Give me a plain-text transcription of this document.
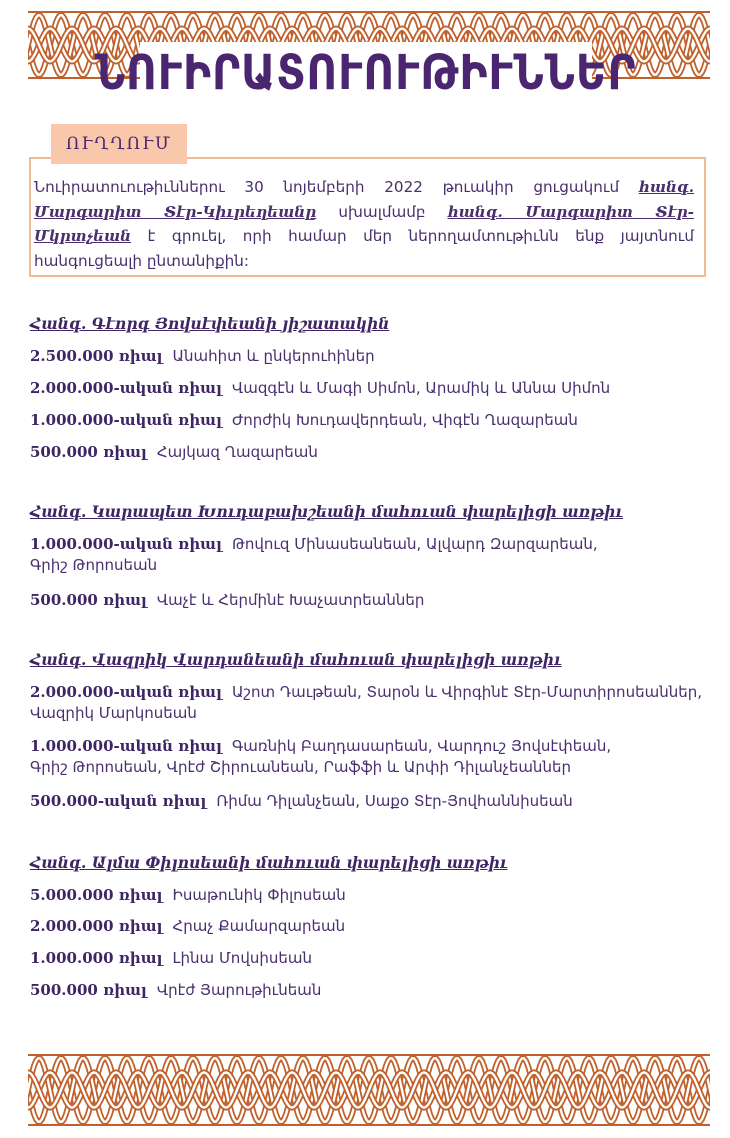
ՆՈՒԻՐԱՏՈՒՈՒԹԻՒՆՆԵՐ
ՈՒՂՂՈՒՄ
Նուիրատուութիւններու 30 նոյեմբերի 2022 թուակիր ցուցակում հանգ. Մարգարիտ Տէր-Կիւրեղեանը սխալմամբ հանգ. Մարգարիտ Տէր-Մկրտչեան է գրուել, որի համար մեր ներողամտութիւնն ենք յայտնում հանգուցեալի ընտանիքին:
Հանգ. Գէորգ Յովսէփեանի յիշատակին
2.500.000 ռիալ Անահիտ և ընկերուհիներ
2.000.000-ական ռիալ Վազգէն և Մագի Սիմոն, Արամիկ և Աննա Սիմոն
1.000.000-ական ռիալ Ժորժիկ Խուդավերդեան, Վիգէն Ղազարեան
500.000 ռիալ Հայկազ Ղազարեան
Հանգ. Կարապետ Խուդաբախշեանի մահուան փարելիցի առթիւ
1.000.000-ական ռիալ Թովուզ Մինասեանեան, Ալվարդ Զարզարեան,
Գրիշ Թորոսեան
500.000 ռիալ Վաչէ և Հերմինէ Խաչատրեաններ
Հանգ. Վազրիկ Վարդանեանի մահուան փարելիցի առթիւ
2.000.000-ական ռիալ Աշոտ Դաւթեան, Տարօն և Վիրգինէ Տէր-Մարտիրոսեաններ,
Վազրիկ Մարկոսեան
1.000.000-ական ռիալ Գառնիկ Բաղդասարեան, Վարդուշ Յովսէփեան,
Գրիշ Թորոսեան, Վրէժ Շիրուանեան, Րաֆֆի և Արփի Դիլանչեաններ
500.000-ական ռիալ Ռիմա Դիլանչեան, Սաքօ Տէր-Յովհաննիսեան
Հանգ. Ալմա Փիլոսեանի մահուան փարելիցի առթիւ
5.000.000 ռիալ Իսաթունիկ Փիլոսեան
2.000.000 ռիալ Հրաչ Քամարզարեան
1.000.000 ռիալ Լինա Մովսիսեան
500.000 ռիալ Վրէժ Յարութիւնեան
